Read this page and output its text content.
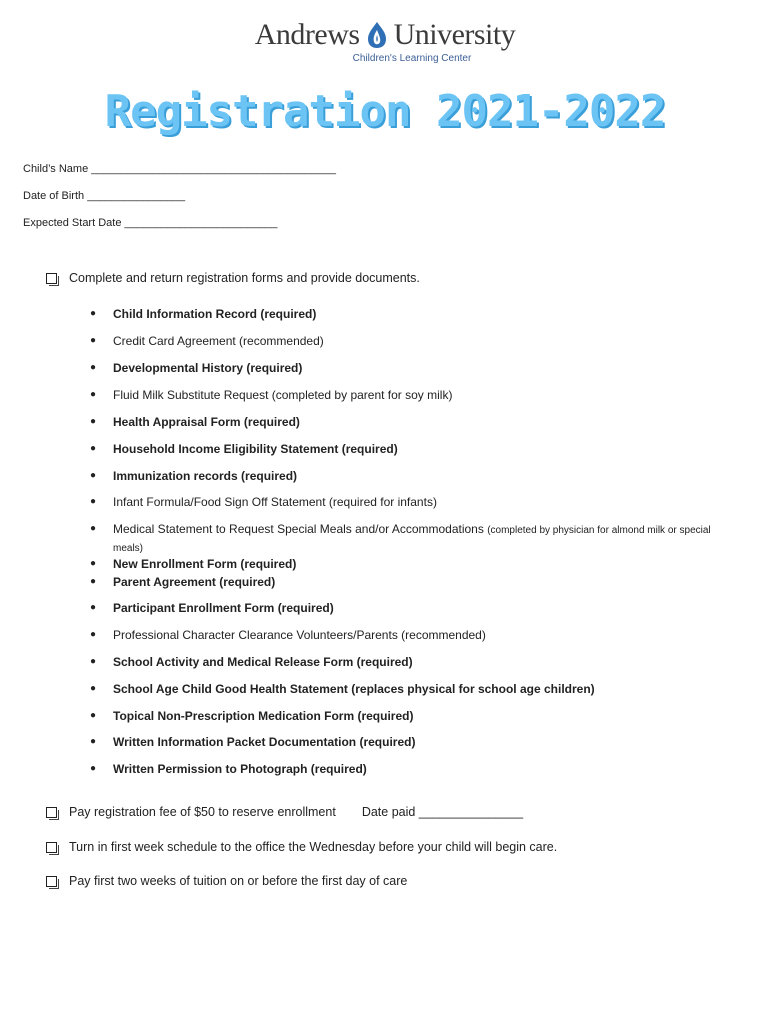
Andrews University
Children's Learning Center
Registration 2021-2022
Child’s Name ________________________________________
Date of Birth ________________
Expected Start Date _________________________
Complete and return registration forms and provide documents.
●	Child Information Record (required)
●	Credit Card Agreement (recommended)
●	Developmental History (required)
●	Fluid Milk Substitute Request (completed by parent for soy milk)
●	Health Appraisal Form (required)
●	Household Income Eligibility Statement (required)
●	Immunization records (required)
●	Infant Formula/Food Sign Off Statement (required for infants)
●	Medical Statement to Request Special Meals and/or Accommodations (completed by physician for almond milk or special meals)
●	New Enrollment Form (required)
●	Parent Agreement (required)
●	Participant Enrollment Form (required)
●	Professional Character Clearance Volunteers/Parents (recommended)
●	School Activity and Medical Release Form (required)
●	School Age Child Good Health Statement (replaces physical for school age children)
●	Topical Non-Prescription Medication Form (required)
●	Written Information Packet Documentation (required)
●	Written Permission to Photograph (required)
Pay registration fee of $50 to reserve enrollment Date paid _______________
Turn in first week schedule to the office the Wednesday before your child will begin care.
Pay first two weeks of tuition on or before the first day of care
